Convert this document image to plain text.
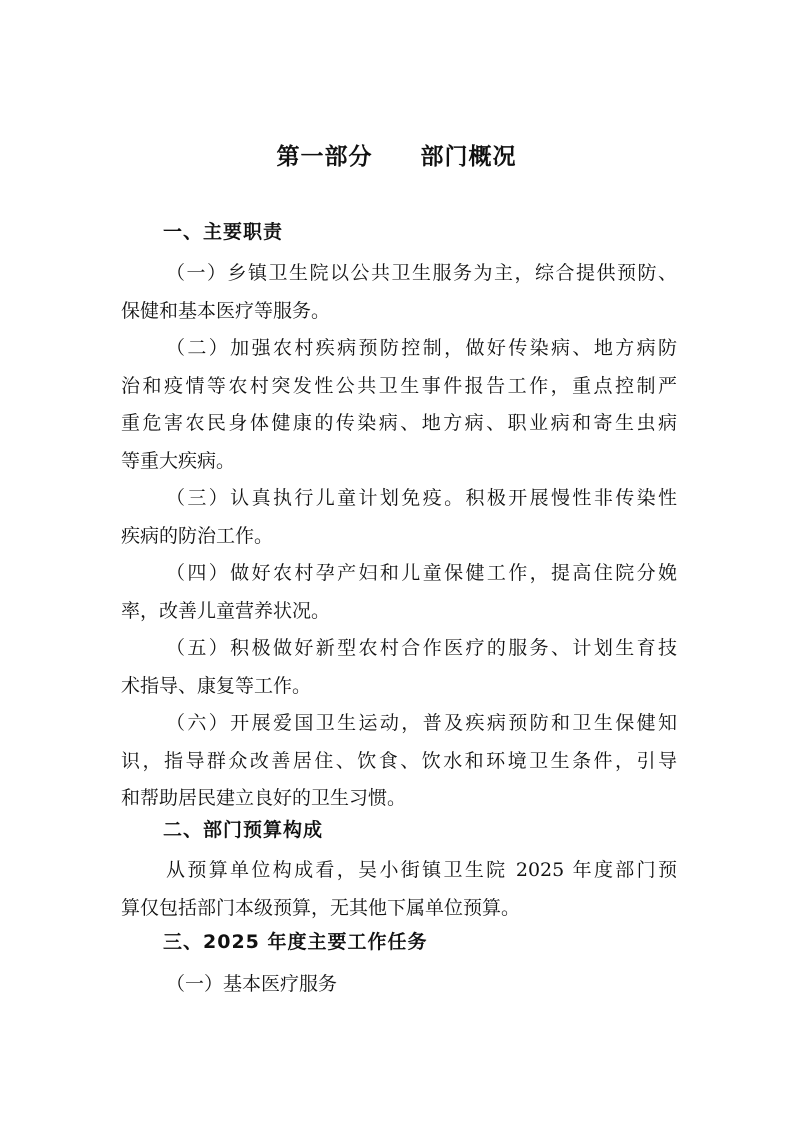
第一部分　　部门概况
一、主要职责

（一）乡镇卫生院以公共卫生服务为主，综合提供预防、
保健和基本医疗等服务。

（二）加强农村疾病预防控制，做好传染病、地方病防
治和疫情等农村突发性公共卫生事件报告工作，重点控制严
重危害农民身体健康的传染病、地方病、职业病和寄生虫病
等重大疾病。

（三）认真执行儿童计划免疫。积极开展慢性非传染性
疾病的防治工作。

（四）做好农村孕产妇和儿童保健工作，提高住院分娩
率，改善儿童营养状况。

（五）积极做好新型农村合作医疗的服务、计划生育技
术指导、康复等工作。

（六）开展爱国卫生运动，普及疾病预防和卫生保健知
识，指导群众改善居住、饮食、饮水和环境卫生条件，引导
和帮助居民建立良好的卫生习惯。

二、部门预算构成

从预算单位构成看，吴小街镇卫生院 2025 年度部门预
算仅包括部门本级预算，无其他下属单位预算。

三、2025 年度主要工作任务
（一）基本医疗服务
